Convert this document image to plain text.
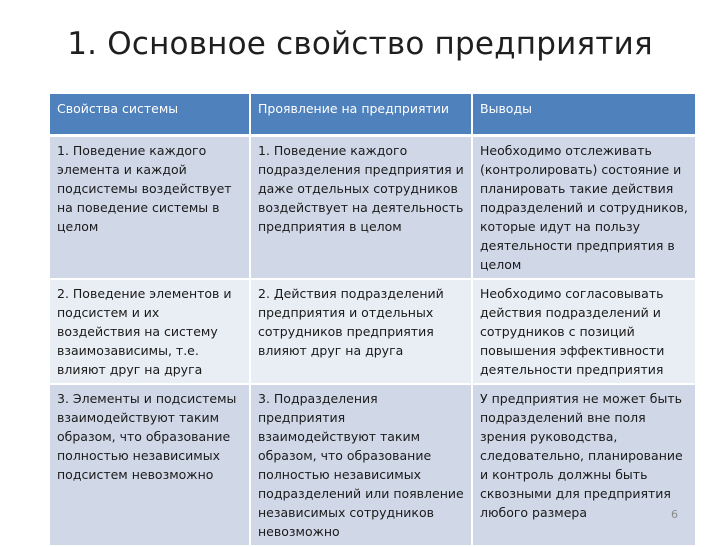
1. Основное свойство предприятия
Свойства системы	Проявление на предприятии	Выводы
1. Поведение каждого элемента и каждой подсистемы воздействует на поведение системы в целом	1. Поведение каждого подразделения предприятия и даже отдельных сотрудников воздействует на деятельность предприятия в целом	Необходимо отслеживать (контролировать) состояние и планировать такие действия подразделений и сотрудников, которые идут на пользу деятельности предприятия в целом
2. Поведение элементов и подсистем и их воздействия на систему взаимозависимы, т.е. влияют друг на друга	2. Действия подразделений предприятия и отдельных сотрудников предприятия влияют друг на друга	Необходимо согласовывать действия подразделений и сотрудников с позиций повышения эффективности деятельности предприятия
3. Элементы и подсистемы взаимодействуют таким образом, что образование полностью независимых подсистем невозможно	3. Подразделения предприятия взаимодействуют таким образом, что образование полностью независимых подразделений или появление независимых сотрудников невозможно	У предприятия не может быть подразделений вне поля зрения руководства, следовательно, планирование и контроль должны быть сквозными для предприятия любого размера	6
